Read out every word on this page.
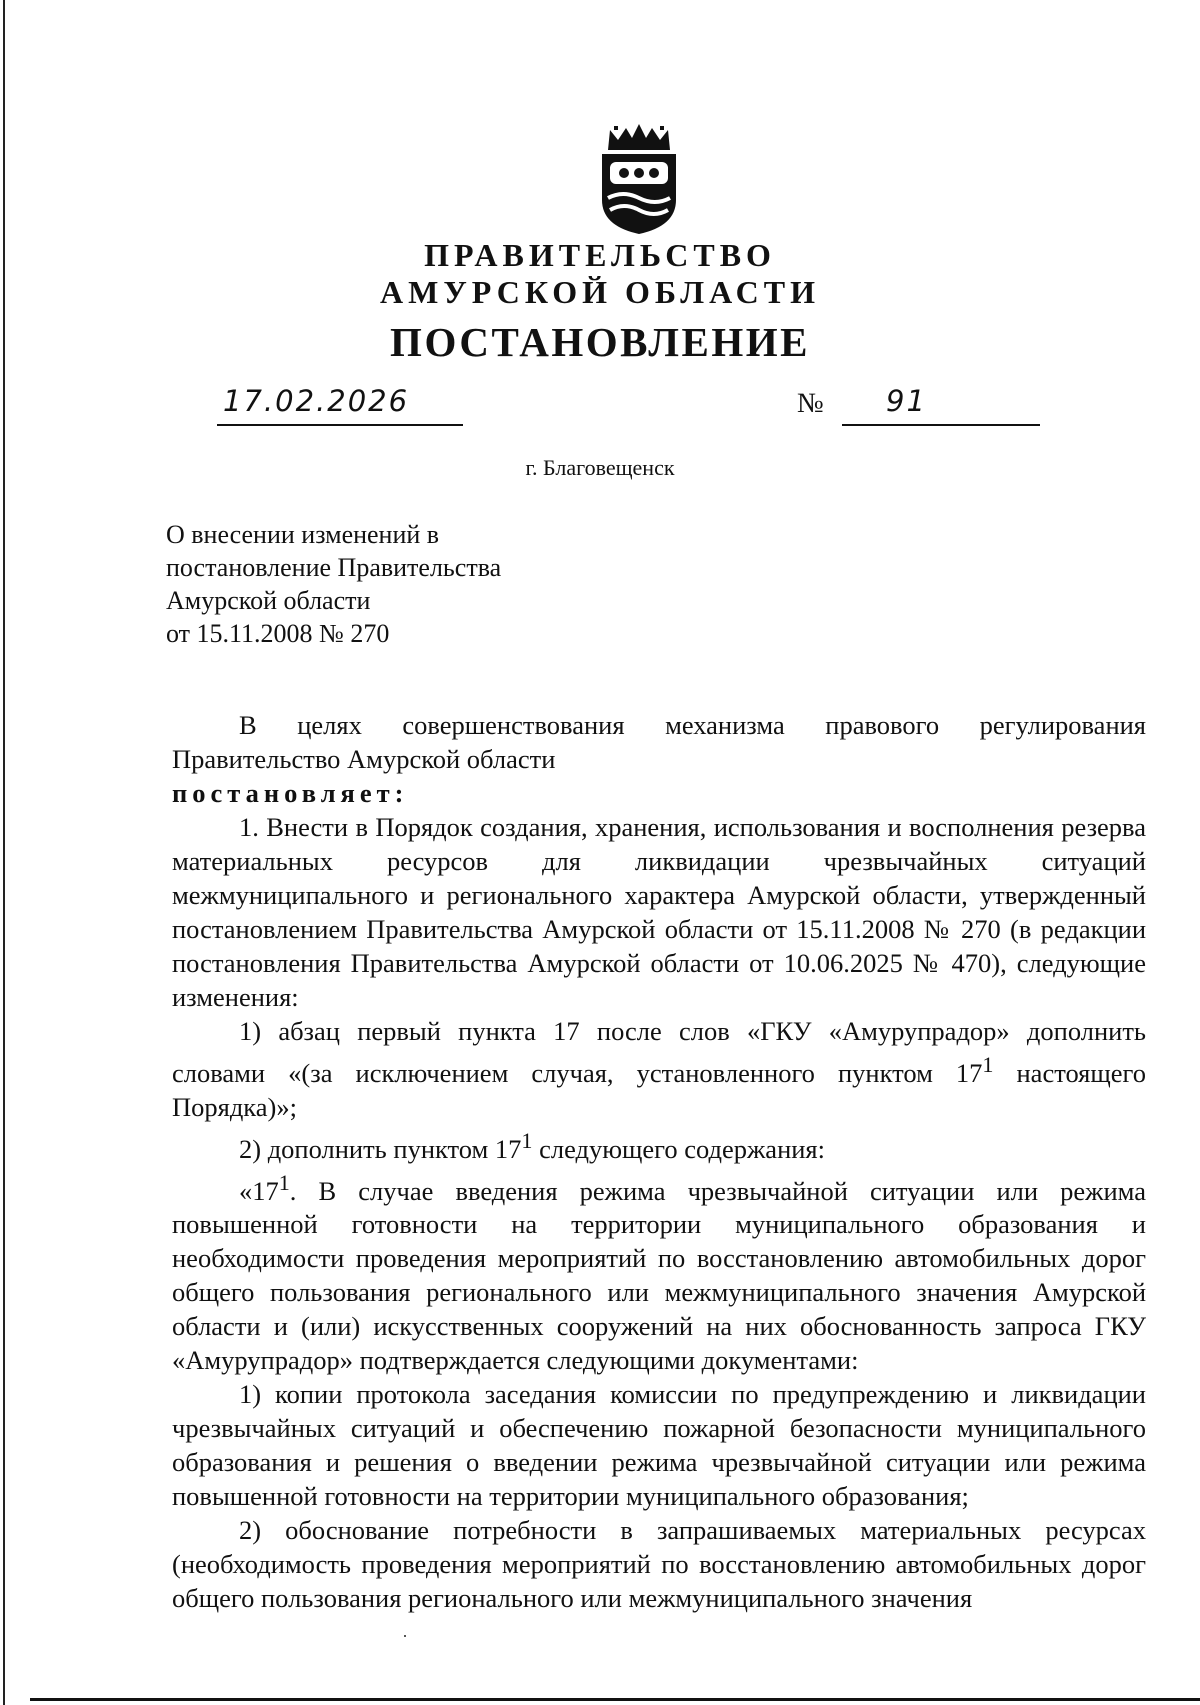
ПРАВИТЕЛЬСТВО
АМУРСКОЙ ОБЛАСТИ
ПОСТАНОВЛЕНИЕ
17.02.2026	№ 91
г. Благовещенск
О внесении изменений в
постановление Правительства
Амурской области
от 15.11.2008 № 270

В целях совершенствования механизма правового регулирования

Правительство Амурской области

постановляет:

1. Внести в Порядок создания, хранения, использования и восполнения резерва материальных ресурсов для ликвидации чрезвычайных ситуаций межмуниципального и регионального характера Амурской области, утвержденный постановлением Правительства Амурской области от 15.11.2008 № 270 (в редакции постановления Правительства Амурской области от 10.06.2025 № 470), следующие изменения:

1) абзац первый пункта 17 после слов «ГКУ «Амурупрадор» дополнить словами «(за исключением случая, установленного пунктом $17^1$ настоящего Порядка)»;

2) дополнить пунктом $17^1$ следующего содержания:

«$17^1$. В случае введения режима чрезвычайной ситуации или режима повышенной готовности на территории муниципального образования и необходимости проведения мероприятий по восстановлению автомобильных дорог общего пользования регионального или межмуниципального значения Амурской области и (или) искусственных сооружений на них обоснованность запроса ГКУ «Амурупрадор» подтверждается следующими документами:

1) копии протокола заседания комиссии по предупреждению и ликвидации чрезвычайных ситуаций и обеспечению пожарной безопасности муниципального образования и решения о введении режима чрезвычайной ситуации или режима повышенной готовности на территории муниципального образования;

2) обоснование потребности в запрашиваемых материальных ресурсах (необходимость проведения мероприятий по восстановлению автомобильных дорог общего пользования регионального или межмуниципального значения
